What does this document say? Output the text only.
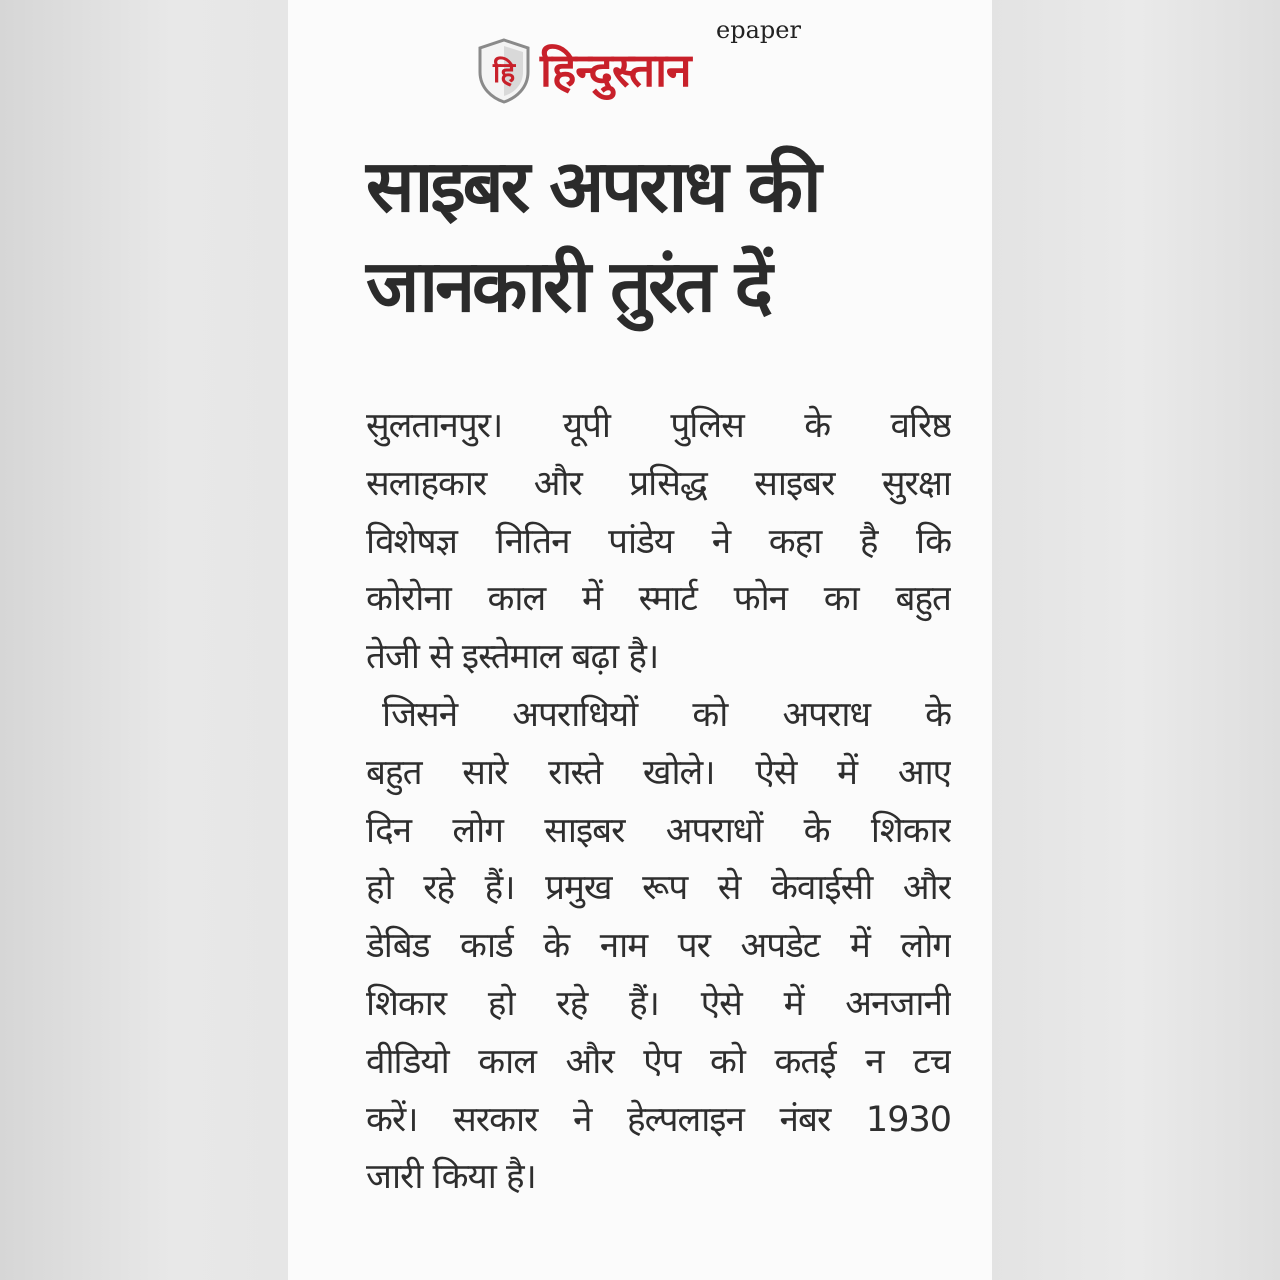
हि हिन्दुस्तान
epaper
साइबर अपराध की
जानकारी तुरंत दें
सुलतानपुर। यूपी पुलिस के वरिष्ठ
सलाहकार और प्रसिद्ध साइबर सुरक्षा
विशेषज्ञ नितिन पांडेय ने कहा है कि
कोरोना काल में स्मार्ट फोन का बहुत
तेजी से इस्तेमाल बढ़ा है।
जिसने अपराधियों को अपराध के
बहुत सारे रास्ते खोले। ऐसे में आए
दिन लोग साइबर अपराधों के शिकार
हो रहे हैं। प्रमुख रूप से केवाईसी और
डेबिड कार्ड के नाम पर अपडेट में लोग
शिकार हो रहे हैं। ऐसे में अनजानी
वीडियो काल और ऐप को कतई न टच
करें। सरकार ने हेल्पलाइन नंबर 1930
जारी किया है।
